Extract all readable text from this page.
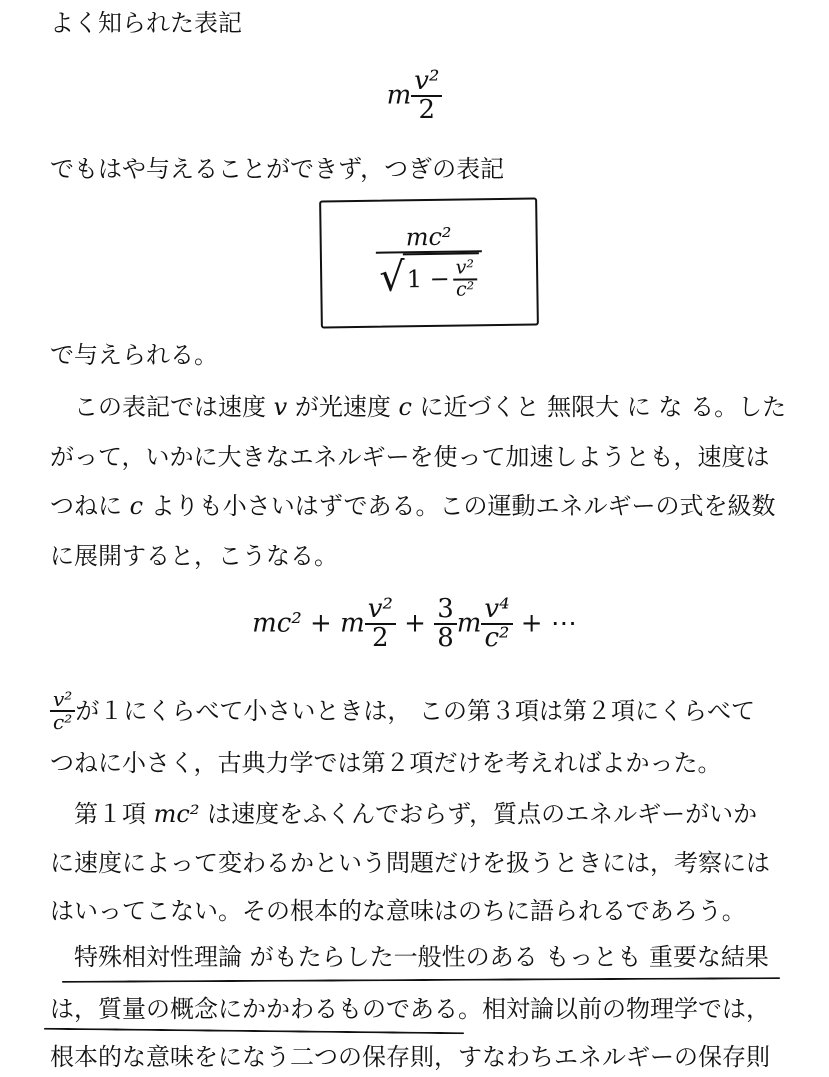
よく知られた表記
m $\frac{\text{v²}}{2}$
でもはや与えることができず，つぎの表記
$\frac{\text{mc²}}{√ 1 - \frac{\text{v²}}{\text{c²}}}$
で与えられる。
この表記では速度 v が光速度 c に近づくと 無限大 に な る。した
がって，いかに大きなエネルギーを使って加速しようとも，速度は
つねに c よりも小さいはずである。この運動エネルギーの式を級数
に展開すると，こうなる。
mc² + m $\frac{\text{v²}}{2} + \frac{3}{8}$ m $\frac{\text{v⁴}}{\text{c²}}$ + ⋯
$\frac{\text{v²}}{\text{c²}}$ が１にくらべて小さいときは， この第３項は第２項にくらべて
つねに小さく，古典力学では第２項だけを考えればよかった。
第１項 mc² は速度をふくんでおらず，質点のエネルギーがいか
に速度によって変わるかという問題だけを扱うときには，考察には
はいってこない。その根本的な意味はのちに語られるであろう。
特殊相対性理論 がもたらした一般性のある もっとも 重要な結果
は，質量の概念にかかわるものである。相対論以前の物理学では，
根本的な意味をになう二つの保存則，すなわちエネルギーの保存則
